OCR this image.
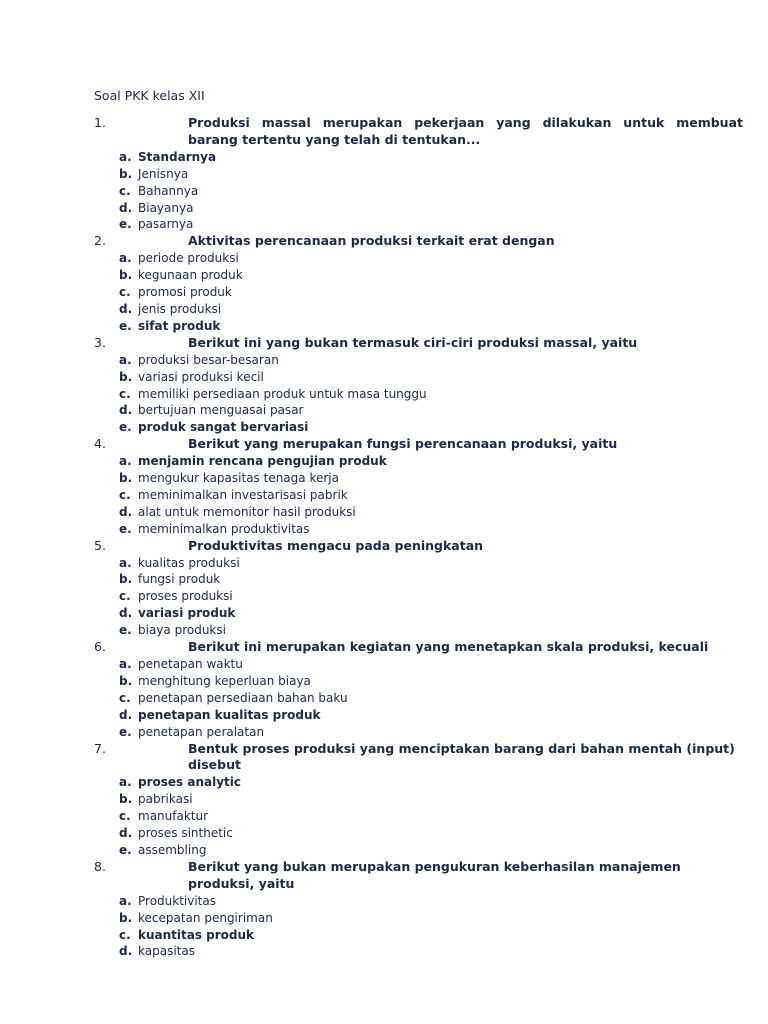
Soal PKK kelas XII
1.	Produksi massal merupakan pekerjaan yang dilakukan untuk membuat barang tertentu yang telah di tentukan...
a. Standarnya
b. Jenisnya
c. Bahannya
d. Biayanya
e. pasarnya
2.	Aktivitas perencanaan produksi terkait erat dengan
a. periode produksi
b. kegunaan produk
c. promosi produk
d. jenis produksi
e. sifat produk
3.	Berikut ini yang bukan termasuk ciri-ciri produksi massal, yaitu
a. produksi besar-besaran
b. variasi produksi kecil
c. memiliki persediaan produk untuk masa tunggu
d. bertujuan menguasai pasar
e. produk sangat bervariasi
4.	Berikut yang merupakan fungsi perencanaan produksi, yaitu
a. menjamin rencana pengujian produk
b. mengukur kapasitas tenaga kerja
c. meminimalkan investarisasi pabrik
d. alat untuk memonitor hasil produksi
e. meminimalkan produktivitas
5.	Produktivitas mengacu pada peningkatan
a. kualitas produksi
b. fungsi produk
c. proses produksi
d. variasi produk
e. biaya produksi
6.	Berikut ini merupakan kegiatan yang menetapkan skala produksi, kecuali
a. penetapan waktu
b. menghitung keperluan biaya
c. penetapan persediaan bahan baku
d. penetapan kualitas produk
e. penetapan peralatan
7.	Bentuk proses produksi yang menciptakan barang dari bahan mentah (input) disebut
a. proses analytic
b. pabrikasi
c. manufaktur
d. proses sinthetic
e. assembling
8.	Berikut yang bukan merupakan pengukuran keberhasilan manajemen produksi, yaitu
a. Produktivitas
b. kecepatan pengiriman
c. kuantitas produk
d. kapasitas
